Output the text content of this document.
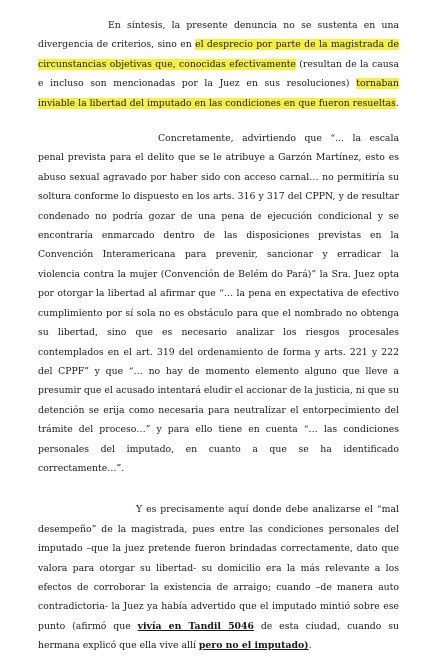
En síntesis, la presente denuncia no se sustenta en una divergencia de criterios, sino en el desprecio por parte de la magistrada de circunstancias objetivas que, conocidas efectivamente (resultan de la causa e incluso son mencionadas por la Juez en sus resoluciones) tornaban inviable la libertad del imputado en las condiciones en que fueron resueltas.

Concretamente, advirtiendo que “... la escala penal prevista para el delito que se le atribuye a Garzón Martínez, esto es abuso sexual agravado por haber sido con acceso carnal… no permitiría su soltura conforme lo dispuesto en los arts. 316 y 317 del CPPN, y de resultar condenado no podría gozar de una pena de ejecución condicional y se encontraría enmarcado dentro de las disposiciones previstas en la Convención Interamericana para prevenir, sancionar y erradicar la violencia contra la mujer (Convención de Belém do Pará)” la Sra. Juez opta por otorgar la libertad al afirmar que “… la pena en expectativa de efectivo cumplimiento por sí sola no es obstáculo para que el nombrado no obtenga su libertad, sino que es necesario analizar los riesgos procesales contemplados en el art. 319 del ordenamiento de forma y arts. 221 y 222 del CPPF” y que “… no hay de momento elemento alguno que lleve a presumir que el acusado intentará eludir el accionar de la justicia, ni que su detención se erija como necesaria para neutralizar el entorpecimiento del trámite del proceso…” y para ello tiene en cuenta “… las condiciones personales del imputado, en cuanto a que se ha identificado correctamente…”.

Y es precisamente aquí donde debe analizarse el “mal desempeño” de la magistrada, pues entre las condiciones personales del imputado –que la juez pretende fueron brindadas correctamente, dato que valora para otorgar su libertad- su domicilio era la más relevante a los efectos de corroborar la existencia de arraigo; cuando –de manera auto contradictoria- la Juez ya había advertido que el imputado mintió sobre ese punto (afirmó que vivía en Tandil 5046 de esta ciudad, cuando su hermana explicó que ella vive allí pero no el imputado).
